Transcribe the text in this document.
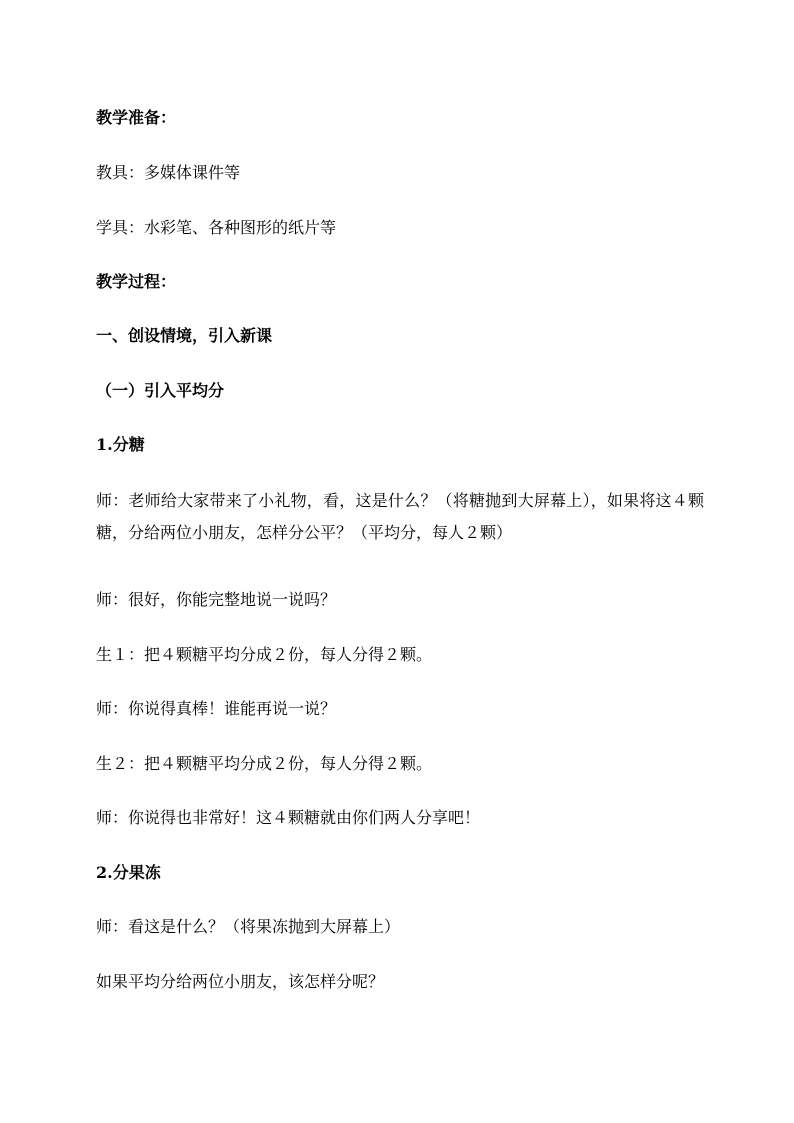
教学准备：
教具：多媒体课件等
学具：水彩笔、各种图形的纸片等
教学过程：
一、创设情境，引入新课
（一）引入平均分
1.分糖
师：老师给大家带来了小礼物，看，这是什么？（将糖抛到大屏幕上），如果将这４颗糖，分给两位小朋友，怎样分公平？（平均分，每人２颗）
师：很好，你能完整地说一说吗？
生１：把４颗糖平均分成２份，每人分得２颗。
师：你说得真棒！谁能再说一说？
生２：把４颗糖平均分成２份，每人分得２颗。
师：你说得也非常好！这４颗糖就由你们两人分享吧！
2.分果冻
师：看这是什么？（将果冻抛到大屏幕上）
如果平均分给两位小朋友，该怎样分呢？
